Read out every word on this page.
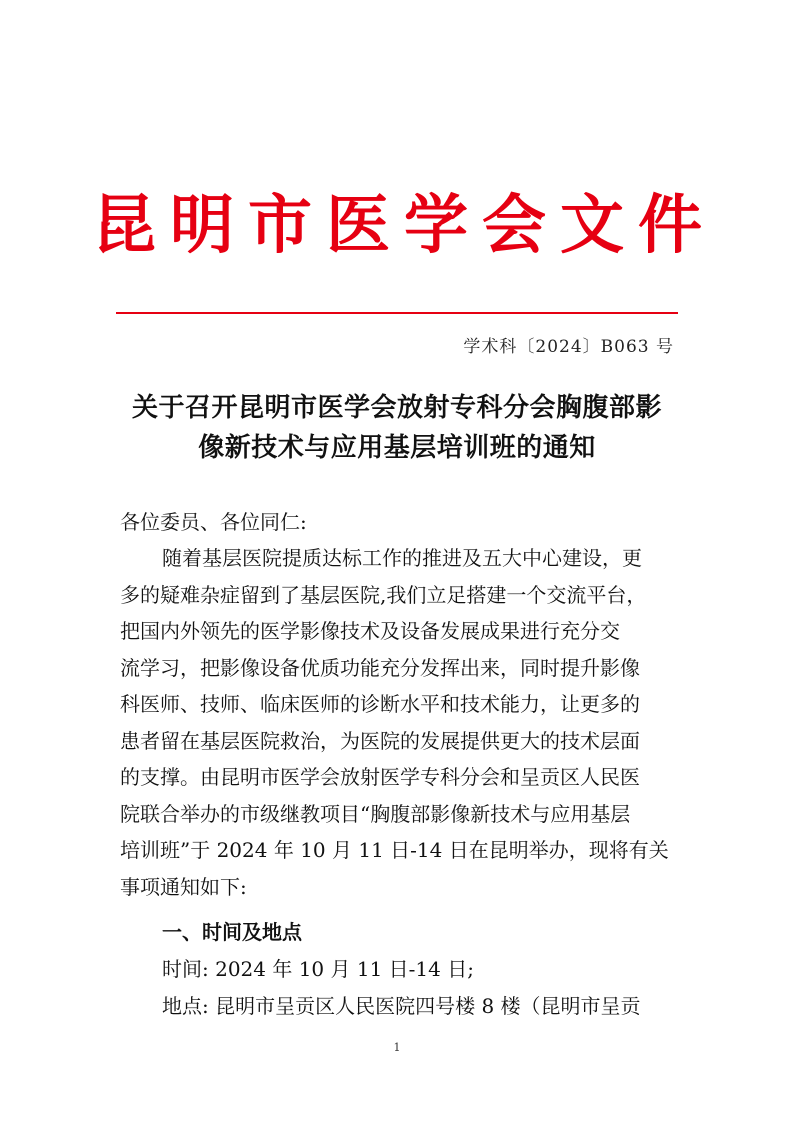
昆明市医学会文件
学术科〔2024〕B063 号
关于召开昆明市医学会放射专科分会胸腹部影
像新技术与应用基层培训班的通知
各位委员、各位同仁:
随着基层医院提质达标工作的推进及五大中心建设，更
多的疑难杂症留到了基层医院,我们立足搭建一个交流平台，
把国内外领先的医学影像技术及设备发展成果进行充分交
流学习，把影像设备优质功能充分发挥出来，同时提升影像
科医师、技师、临床医师的诊断水平和技术能力，让更多的
患者留在基层医院救治，为医院的发展提供更大的技术层面
的支撑。由昆明市医学会放射医学专科分会和呈贡区人民医
院联合举办的市级继教项目“胸腹部影像新技术与应用基层
培训班”于 2024 年 10 月 11 日-14 日在昆明举办，现将有关
事项通知如下:
一、时间及地点
时间: 2024 年 10 月 11 日-14 日;
地点: 昆明市呈贡区人民医院四号楼 8 楼（昆明市呈贡
1
